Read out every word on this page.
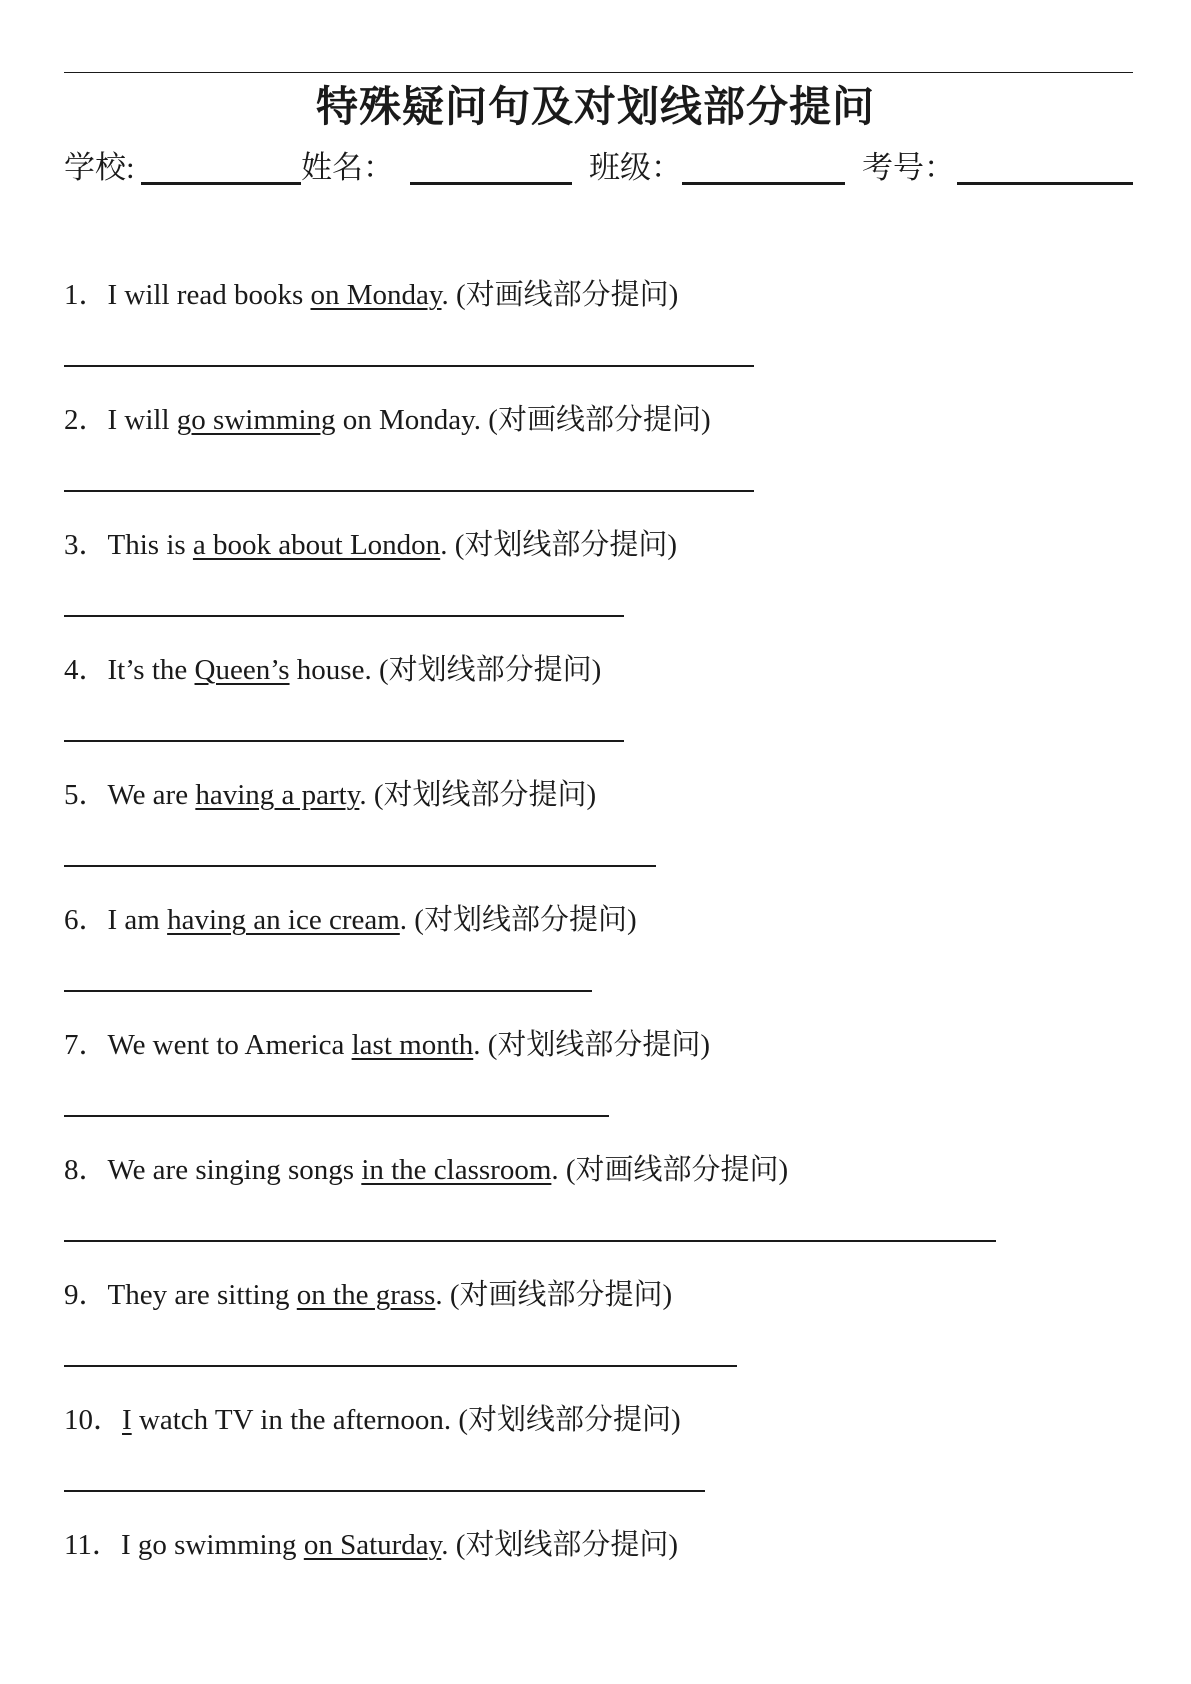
特殊疑问句及对划线部分提问
学校:	姓名：	班级：	考号：
1．I will read books on Monday. (对画线部分提问)
2．I will go swimming on Monday. (对画线部分提问)
3．This is a book about London. (对划线部分提问)
4．It’s the Queen’s house. (对划线部分提问)
5．We are having a party. (对划线部分提问)
6．I am having an ice cream. (对划线部分提问)
7．We went to America last month. (对划线部分提问)
8．We are singing songs in the classroom. (对画线部分提问)
9．They are sitting on the grass. (对画线部分提问)
10．I watch TV in the afternoon. (对划线部分提问)
11．I go swimming on Saturday. (对划线部分提问)
